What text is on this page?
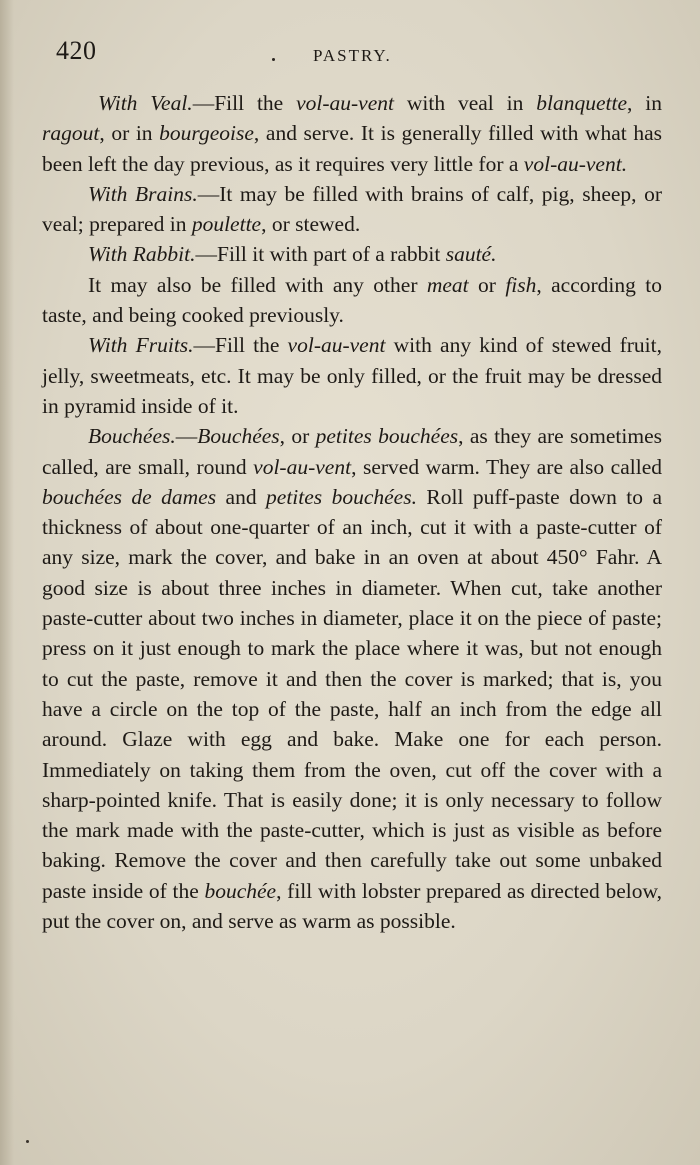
420	PASTRY.

With Veal.—Fill the vol-au-vent with veal in blanquette, in ragout, or in bourgeoise, and serve. It is generally filled with what has been left the day previous, as it requires very little for a vol-au-vent.

With Brains.—It may be filled with brains of calf, pig, sheep, or veal; prepared in poulette, or stewed.

With Rabbit.—Fill it with part of a rabbit sauté.

It may also be filled with any other meat or fish, according to taste, and being cooked previously.

With Fruits.—Fill the vol-au-vent with any kind of stewed fruit, jelly, sweetmeats, etc. It may be only filled, or the fruit may be dressed in pyramid inside of it.

Bouchées.—Bouchées, or petites bouchées, as they are sometimes called, are small, round vol-au-vent, served warm. They are also called bouchées de dames and petites bouchées. Roll puff-paste down to a thickness of about one-quarter of an inch, cut it with a paste-cutter of any size, mark the cover, and bake in an oven at about 450° Fahr. A good size is about three inches in diameter. When cut, take another paste-cutter about two inches in diameter, place it on the piece of paste; press on it just enough to mark the place where it was, but not enough to cut the paste, remove it and then the cover is marked; that is, you have a circle on the top of the paste, half an inch from the edge all around. Glaze with egg and bake. Make one for each person. Immediately on taking them from the oven, cut off the cover with a sharp-pointed knife. That is easily done; it is only necessary to follow the mark made with the paste-cutter, which is just as visible as before baking. Remove the cover and then carefully take out some unbaked paste inside of the bouchée, fill with lobster prepared as directed below, put the cover on, and serve as warm as possible.
